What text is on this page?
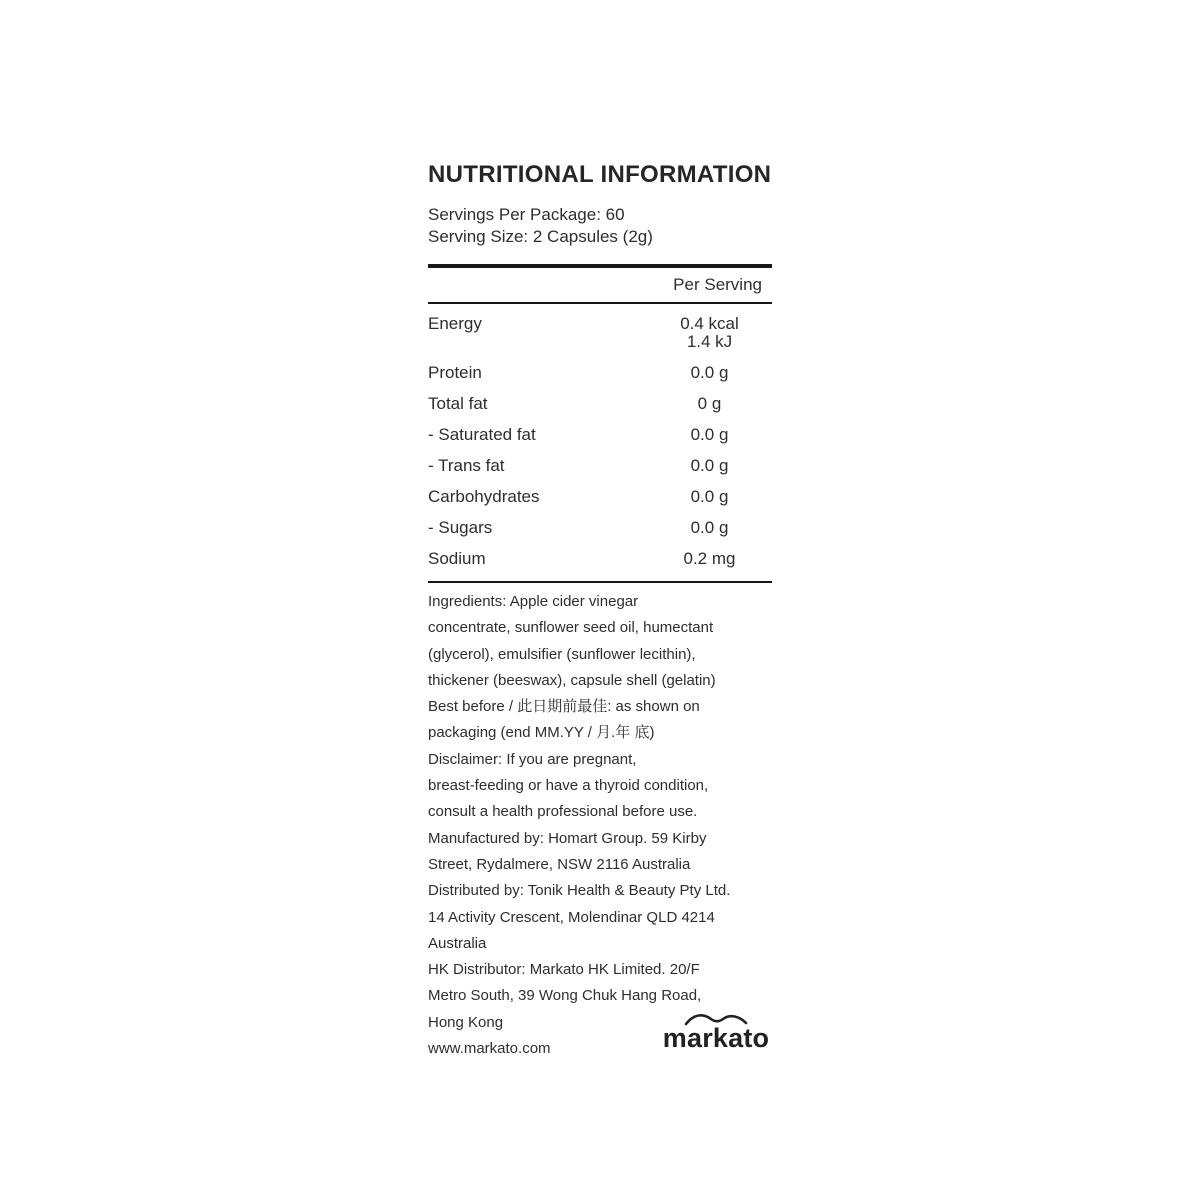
NUTRITIONAL INFORMATION
Servings Per Package: 60
Serving Size: 2 Capsules (2g)
Per Serving
Energy	0.4 kcal
1.4 kJ
Protein	0.0 g
Total fat	0 g
- Saturated fat	0.0 g
- Trans fat	0.0 g
Carbohydrates	0.0 g
- Sugars	0.0 g
Sodium	0.2 mg
Ingredients: Apple cider vinegar
concentrate, sunflower seed oil, humectant
(glycerol), emulsifier (sunflower lecithin),
thickener (beeswax), capsule shell (gelatin)
Best before / 此日期前最佳: as shown on
packaging (end MM.YY / 月.年 底)
Disclaimer: If you are pregnant,
breast-feeding or have a thyroid condition,
consult a health professional before use.
Manufactured by: Homart Group. 59 Kirby
Street, Rydalmere, NSW 2116 Australia
Distributed by: Tonik Health & Beauty Pty Ltd.
14 Activity Crescent, Molendinar QLD 4214
Australia
HK Distributor: Markato HK Limited. 20/F
Metro South, 39 Wong Chuk Hang Road,
Hong Kong
www.markato.com	markato
